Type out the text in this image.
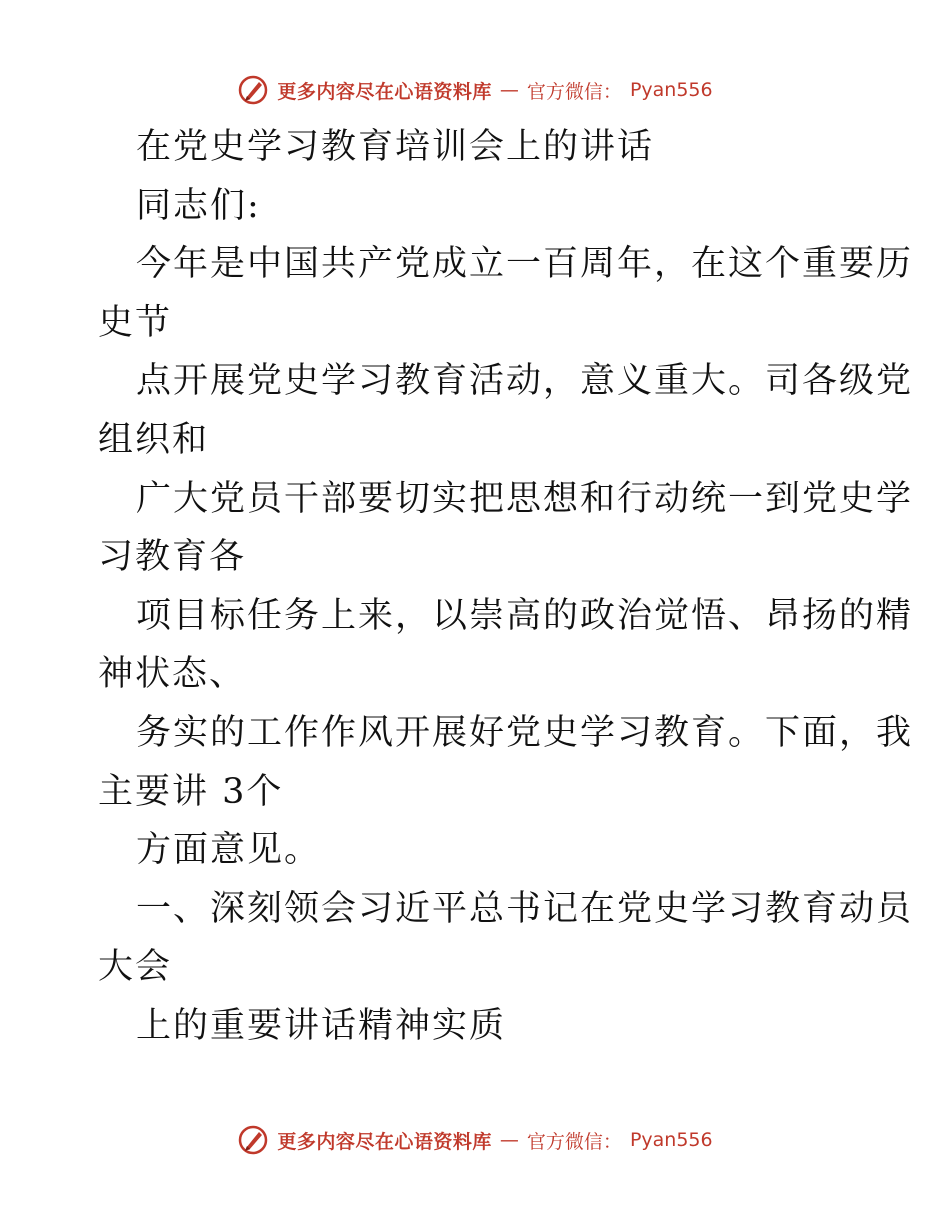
更多内容尽在心语资料库 — 官方微信： Pyan556

在党史学习教育培训会上的讲话

同志们:

今年是中国共产党成立一百周年，在这个重要历

史节

点开展党史学习教育活动，意义重大。司各级党

组织和

广大党员干部要切实把思想和行动统一到党史学

习教育各

项目标任务上来，以崇高的政治觉悟、昂扬的精

神状态、

务实的工作作风开展好党史学习教育。下面，我

主要讲 3个

方面意见。

一、深刻领会习近平总书记在党史学习教育动员

大会

上的重要讲话精神实质

更多内容尽在心语资料库 — 官方微信： Pyan556
